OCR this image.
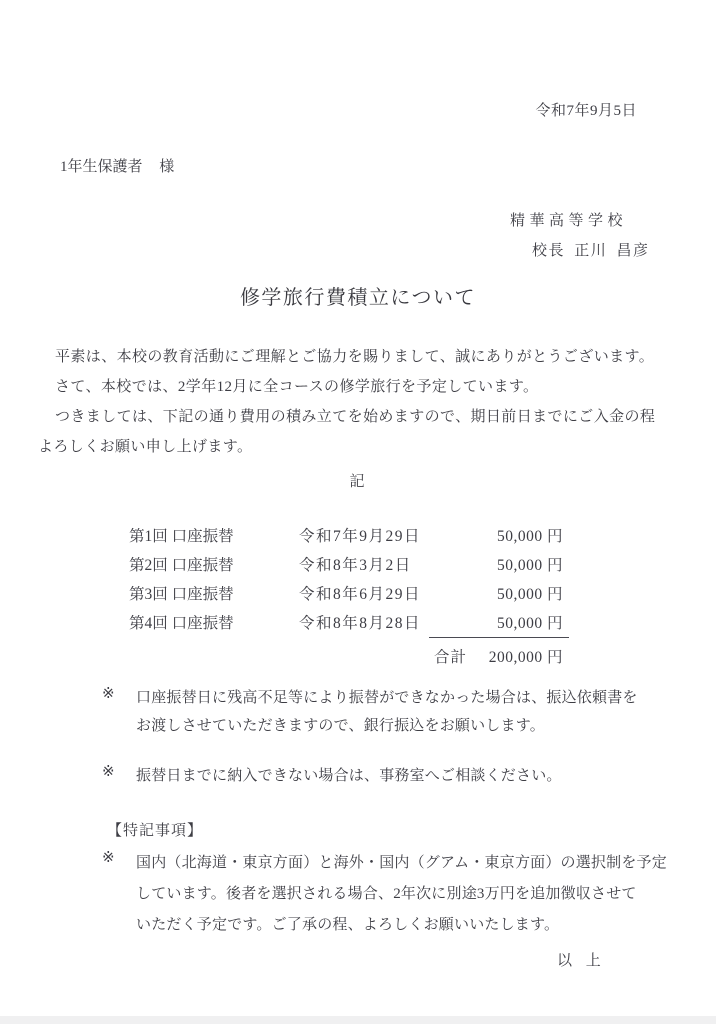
令和7年9月5日
1年生保護者 様
精華高等学校
校長 正川 昌彦
修学旅行費積立について

平素は、本校の教育活動にご理解とご協力を賜りまして、誠にありがとうございます。

さて、本校では、2学年12月に全コースの修学旅行を予定しています。

つきましては、下記の通り費用の積み立てを始めますので、期日前日までにご入金の程

よろしくお願い申し上げます。

記
第1回 口座振替	令和7年9月29日	50,000 円
第2回 口座振替	令和8年3月2日	50,000 円
第3回 口座振替	令和8年6月29日	50,000 円
第4回 口座振替	令和8年8月28日	50,000 円
合計 200,000 円
※ 口座振替日に残高不足等により振替ができなかった場合は、振込依頼書を

お渡しさせていただきますので、銀行振込をお願いします。

※ 振替日までに納入できない場合は、事務室へご相談ください。

【特記事項】
※ 国内（北海道・東京方面）と海外・国内（グアム・東京方面）の選択制を予定

しています。後者を選択される場合、2年次に別途3万円を追加徴収させて

いただく予定です。ご了承の程、よろしくお願いいたします。

以 上
